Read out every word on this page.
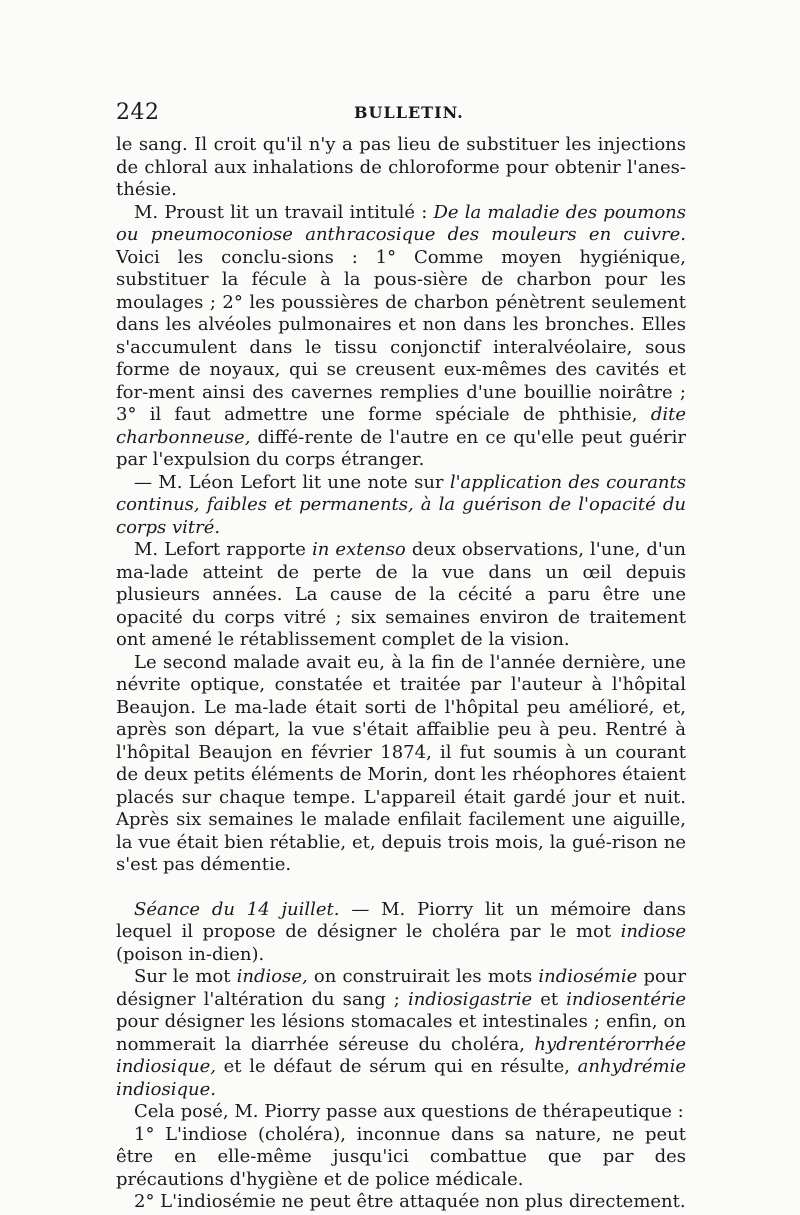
242	BULLETIN.

le sang. Il croit qu'il n'y a pas lieu de substituer les injections de chloral aux inhalations de chloroforme pour obtenir l'anes-thésie.

M. Proust lit un travail intitulé : De la maladie des poumons ou pneumoconiose anthracosique des mouleurs en cuivre. Voici les conclu-sions : 1° Comme moyen hygiénique, substituer la fécule à la pous-sière de charbon pour les moulages ; 2° les poussières de charbon pénètrent seulement dans les alvéoles pulmonaires et non dans les bronches. Elles s'accumulent dans le tissu conjonctif interalvéolaire, sous forme de noyaux, qui se creusent eux-mêmes des cavités et for-ment ainsi des cavernes remplies d'une bouillie noirâtre ; 3° il faut admettre une forme spéciale de phthisie, dite charbonneuse, diffé-rente de l'autre en ce qu'elle peut guérir par l'expulsion du corps étranger.

— M. Léon Lefort lit une note sur l'application des courants continus, faibles et permanents, à la guérison de l'opacité du corps vitré.

M. Lefort rapporte in extenso deux observations, l'une, d'un ma-lade atteint de perte de la vue dans un œil depuis plusieurs années. La cause de la cécité a paru être une opacité du corps vitré ; six semaines environ de traitement ont amené le rétablissement complet de la vision.

Le second malade avait eu, à la fin de l'année dernière, une névrite optique, constatée et traitée par l'auteur à l'hôpital Beaujon. Le ma-lade était sorti de l'hôpital peu amélioré, et, après son départ, la vue s'était affaiblie peu à peu. Rentré à l'hôpital Beaujon en février 1874, il fut soumis à un courant de deux petits éléments de Morin, dont les rhéophores étaient placés sur chaque tempe. L'appareil était gardé jour et nuit. Après six semaines le malade enfilait facilement une aiguille, la vue était bien rétablie, et, depuis trois mois, la gué-rison ne s'est pas démentie.

Séance du 14 juillet. — M. Piorry lit un mémoire dans lequel il propose de désigner le choléra par le mot indiose (poison in-dien).

Sur le mot indiose, on construirait les mots indiosémie pour désigner l'altération du sang ; indiosigastrie et indiosentérie pour désigner les lésions stomacales et intestinales ; enfin, on nommerait la diarrhée séreuse du choléra, hydrentérorrhée indiosique, et le défaut de sérum qui en résulte, anhydrémie indiosique.

Cela posé, M. Piorry passe aux questions de thérapeutique :

1° L'indiose (choléra), inconnue dans sa nature, ne peut être en elle-même jusqu'ici combattue que par des précautions d'hygiène et de police médicale.

2° L'indiosémie ne peut être attaquée non plus directement.
